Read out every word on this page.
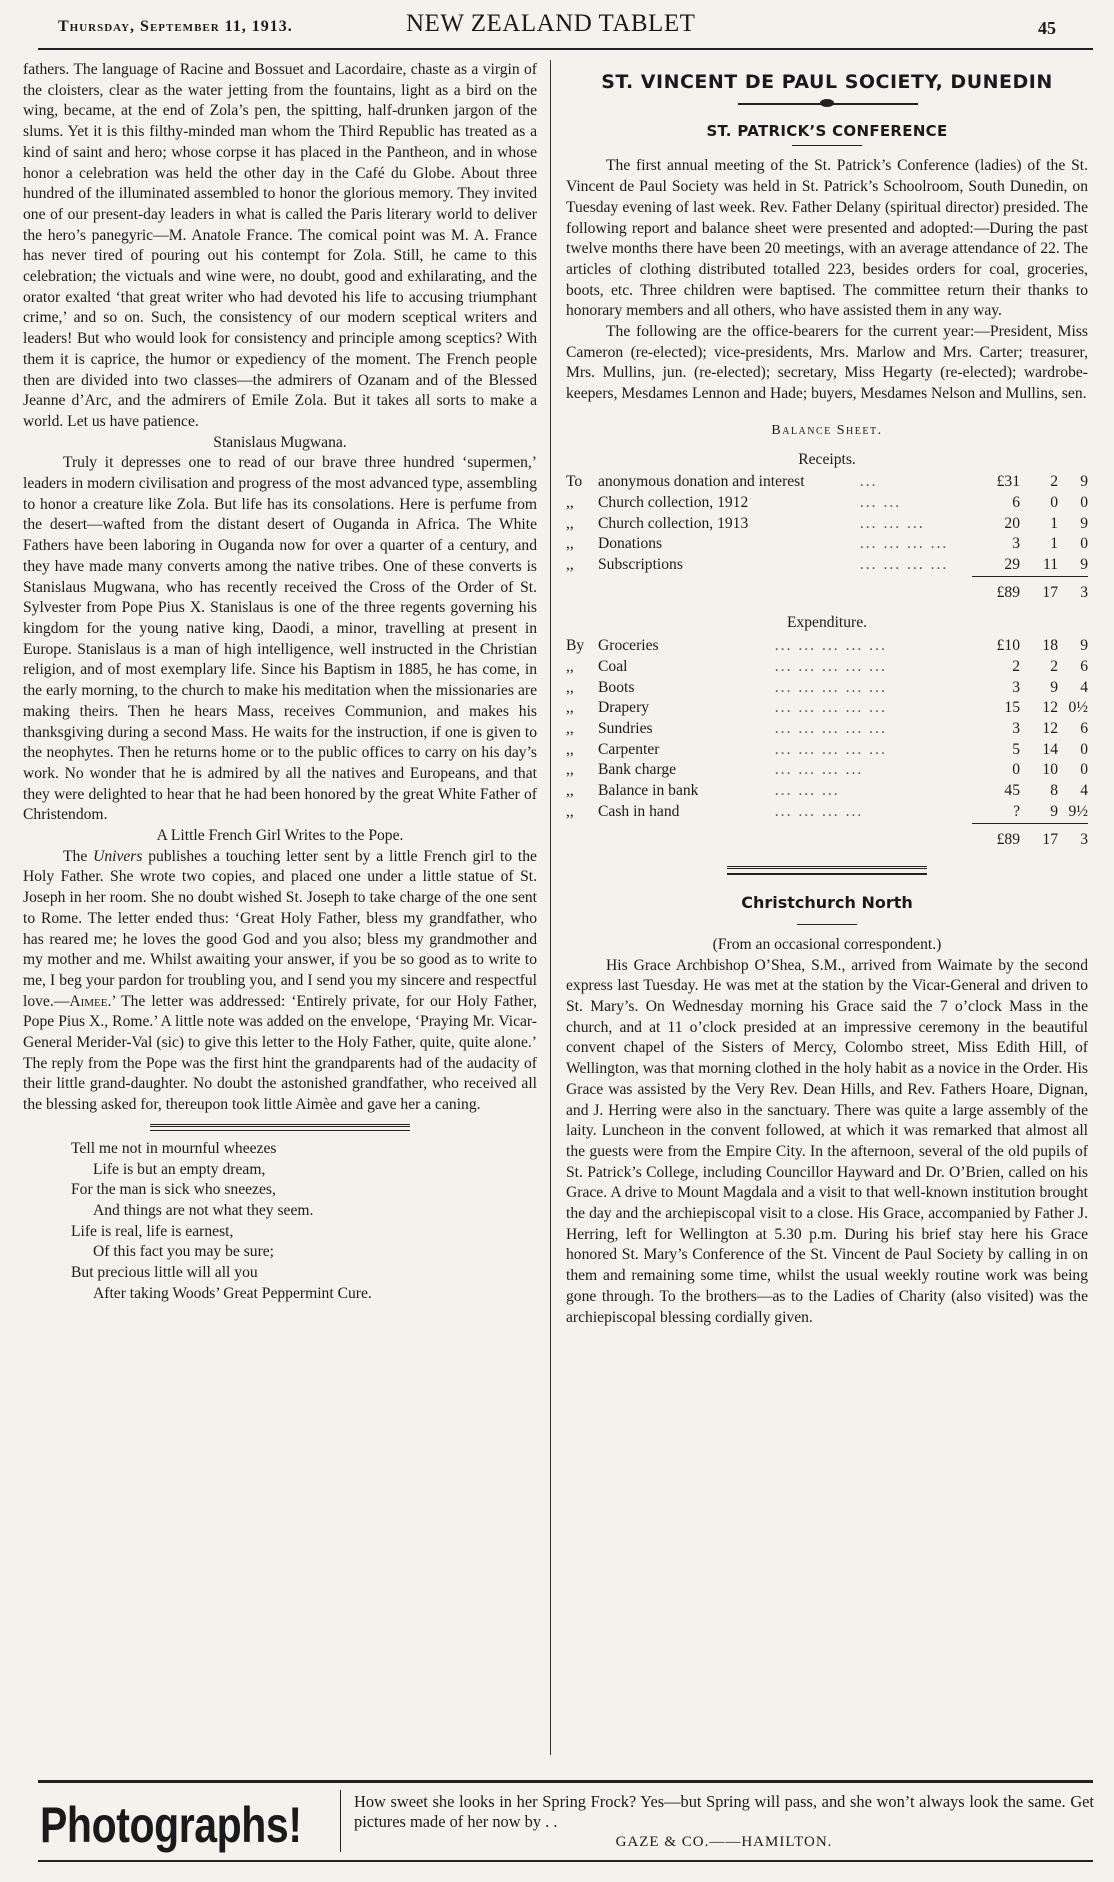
Thursday, September 11, 1913.	NEW ZEALAND TABLET	45

fathers. The language of Racine and Bossuet and Lacordaire, chaste as a virgin of the cloisters, clear as the water jetting from the fountains, light as a bird on the wing, became, at the end of Zola’s pen, the spitting, half-drunken jargon of the slums. Yet it is this filthy-minded man whom the Third Republic has treated as a kind of saint and hero; whose corpse it has placed in the Pantheon, and in whose honor a celebration was held the other day in the Café du Globe. About three hundred of the illuminated assembled to honor the glorious memory. They invited one of our present-day leaders in what is called the Paris literary world to deliver the hero’s panegyric—M. Anatole France. The comical point was M. A. France has never tired of pouring out his contempt for Zola. Still, he came to this celebration; the victuals and wine were, no doubt, good and exhilarating, and the orator exalted ‘that great writer who had devoted his life to accusing triumphant crime,’ and so on. Such, the consistency of our modern sceptical writers and leaders! But who would look for consistency and principle among sceptics? With them it is caprice, the humor or expediency of the moment. The French people then are divided into two classes—the admirers of Ozanam and of the Blessed Jeanne d’Arc, and the admirers of Emile Zola. But it takes all sorts to make a world. Let us have patience.

Stanislaus Mugwana.

Truly it depresses one to read of our brave three hundred ‘supermen,’ leaders in modern civilisation and progress of the most advanced type, assembling to honor a creature like Zola. But life has its consolations. Here is perfume from the desert—wafted from the distant desert of Ouganda in Africa. The White Fathers have been laboring in Ouganda now for over a quarter of a century, and they have made many converts among the native tribes. One of these converts is Stanislaus Mugwana, who has recently received the Cross of the Order of St. Sylvester from Pope Pius X. Stanislaus is one of the three regents governing his kingdom for the young native king, Daodi, a minor, travelling at present in Europe. Stanislaus is a man of high intelligence, well instructed in the Christian religion, and of most exemplary life. Since his Baptism in 1885, he has come, in the early morning, to the church to make his meditation when the missionaries are making theirs. Then he hears Mass, receives Communion, and makes his thanksgiving during a second Mass. He waits for the instruction, if one is given to the neophytes. Then he returns home or to the public offices to carry on his day’s work. No wonder that he is admired by all the natives and Europeans, and that they were delighted to hear that he had been honored by the great White Father of Christendom.

A Little French Girl Writes to the Pope.

The Univers publishes a touching letter sent by a little French girl to the Holy Father. She wrote two copies, and placed one under a little statue of St. Joseph in her room. She no doubt wished St. Joseph to take charge of the one sent to Rome. The letter ended thus: ‘Great Holy Father, bless my grandfather, who has reared me; he loves the good God and you also; bless my grandmother and my mother and me. Whilst awaiting your answer, if you be so good as to write to me, I beg your pardon for troubling you, and I send you my sincere and respectful love.—Aimee.’ The letter was addressed: ‘Entirely private, for our Holy Father, Pope Pius X., Rome.’ A little note was added on the envelope, ‘Praying Mr. Vicar-General Merider-Val (sic) to give this letter to the Holy Father, quite, quite alone.’ The reply from the Pope was the first hint the grandparents had of the audacity of their little grand-daughter. No doubt the astonished grandfather, who received all the blessing asked for, thereupon took little Aimèe and gave her a caning.

Tell me not in mournful wheezes
Life is but an empty dream,
For the man is sick who sneezes,
And things are not what they seem.
Life is real, life is earnest,
Of this fact you may be sure;
But precious little will all you
After taking Woods’ Great Peppermint Cure.
ST. VINCENT DE PAUL SOCIETY, DUNEDIN
ST. PATRICK’S CONFERENCE

The first annual meeting of the St. Patrick’s Conference (ladies) of the St. Vincent de Paul Society was held in St. Patrick’s Schoolroom, South Dunedin, on Tuesday evening of last week. Rev. Father Delany (spiritual director) presided. The following report and balance sheet were presented and adopted:—During the past twelve months there have been 20 meetings, with an average attendance of 22. The articles of clothing distributed totalled 223, besides orders for coal, groceries, boots, etc. Three children were baptised. The committee return their thanks to honorary members and all others, who have assisted them in any way.

The following are the office-bearers for the current year:—President, Miss Cameron (re-elected); vice-presidents, Mrs. Marlow and Mrs. Carter; treasurer, Mrs. Mullins, jun. (re-elected); secretary, Miss Hegarty (re-elected); wardrobe-keepers, Mesdames Lennon and Hade; buyers, Mesdames Nelson and Mullins, sen.

Balance Sheet.
Receipts.
To	anonymous donation and interest	...	£31	2	9
,,	Church collection, 1912	... ...	6	0	0
,,	Church collection, 1913	... ... ...	20	1	9
,,	Donations	... ... ... ...	3	1	0
,,	Subscriptions	... ... ... ...	29	11	9
			£89	17	3
Expenditure.
By	Groceries	... ... ... ... ...	£10	18	9
,,	Coal	... ... ... ... ...	2	2	6
,,	Boots	... ... ... ... ...	3	9	4
,,	Drapery	... ... ... ... ...	15	12	0½
,,	Sundries	... ... ... ... ...	3	12	6
,,	Carpenter	... ... ... ... ...	5	14	0
,,	Bank charge	... ... ... ...	0	10	0
,,	Balance in bank	... ... ...	45	8	4
,,	Cash in hand	... ... ... ...	?	9	9½
			£89	17	3
Christchurch North

(From an occasional correspondent.)

His Grace Archbishop O’Shea, S.M., arrived from Waimate by the second express last Tuesday. He was met at the station by the Vicar-General and driven to St. Mary’s. On Wednesday morning his Grace said the 7 o’clock Mass in the church, and at 11 o’clock presided at an impressive ceremony in the beautiful convent chapel of the Sisters of Mercy, Colombo street, Miss Edith Hill, of Wellington, was that morning clothed in the holy habit as a novice in the Order. His Grace was assisted by the Very Rev. Dean Hills, and Rev. Fathers Hoare, Dignan, and J. Herring were also in the sanctuary. There was quite a large assembly of the laity. Luncheon in the convent followed, at which it was remarked that almost all the guests were from the Empire City. In the afternoon, several of the old pupils of St. Patrick’s College, including Councillor Hayward and Dr. O’Brien, called on his Grace. A drive to Mount Magdala and a visit to that well-known institution brought the day and the archiepiscopal visit to a close. His Grace, accompanied by Father J. Herring, left for Wellington at 5.30 p.m. During his brief stay here his Grace honored St. Mary’s Conference of the St. Vincent de Paul Society by calling in on them and remaining some time, whilst the usual weekly routine work was being gone through. To the brothers—as to the Ladies of Charity (also visited) was the archiepiscopal blessing cordially given.

Photographs!	How sweet she looks in her Spring Frock? Yes—but Spring will pass, and she won’t always look the same. Get pictures made of her now by . .
GAZE & CO.——HAMILTON.
